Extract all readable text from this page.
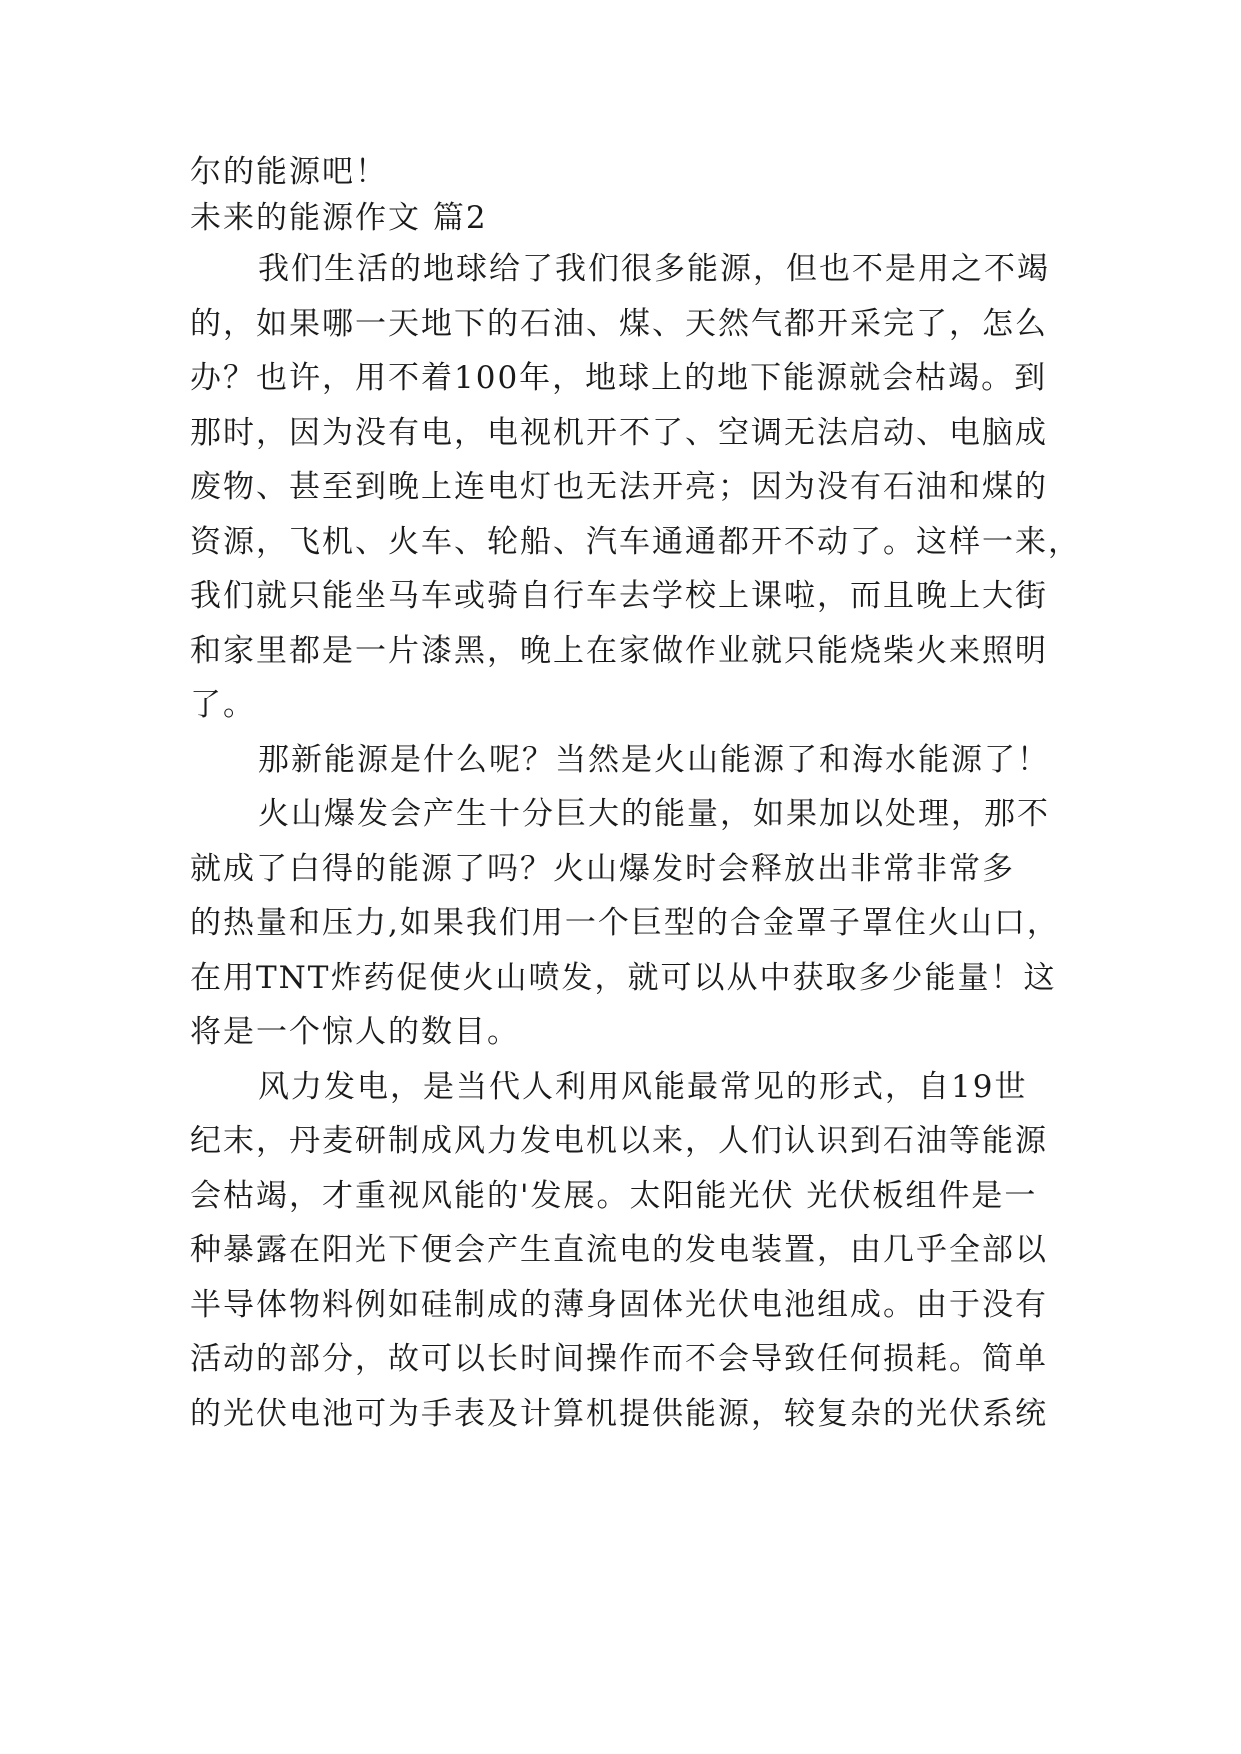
尔的能源吧！
未来的能源作文 篇2
我们生活的地球给了我们很多能源，但也不是用之不竭
的，如果哪一天地下的石油、煤、天然气都开采完了，怎么
办？也许，用不着100年，地球上的地下能源就会枯竭。到
那时，因为没有电，电视机开不了、空调无法启动、电脑成
废物、甚至到晚上连电灯也无法开亮；因为没有石油和煤的
资源，飞机、火车、轮船、汽车通通都开不动了。这样一来，
我们就只能坐马车或骑自行车去学校上课啦，而且晚上大街
和家里都是一片漆黑，晚上在家做作业就只能烧柴火来照明
了。
那新能源是什么呢？当然是火山能源了和海水能源了！
火山爆发会产生十分巨大的能量，如果加以处理，那不
就成了白得的能源了吗？火山爆发时会释放出非常非常多
的热量和压力,如果我们用一个巨型的合金罩子罩住火山口，
在用TNT炸药促使火山喷发，就可以从中获取多少能量！这
将是一个惊人的数目。
风力发电，是当代人利用风能最常见的形式，自19世
纪末，丹麦研制成风力发电机以来，人们认识到石油等能源
会枯竭，才重视风能的'发展。太阳能光伏 光伏板组件是一
种暴露在阳光下便会产生直流电的发电装置，由几乎全部以
半导体物料例如硅制成的薄身固体光伏电池组成。由于没有
活动的部分，故可以长时间操作而不会导致任何损耗。简单
的光伏电池可为手表及计算机提供能源，较复杂的光伏系统
